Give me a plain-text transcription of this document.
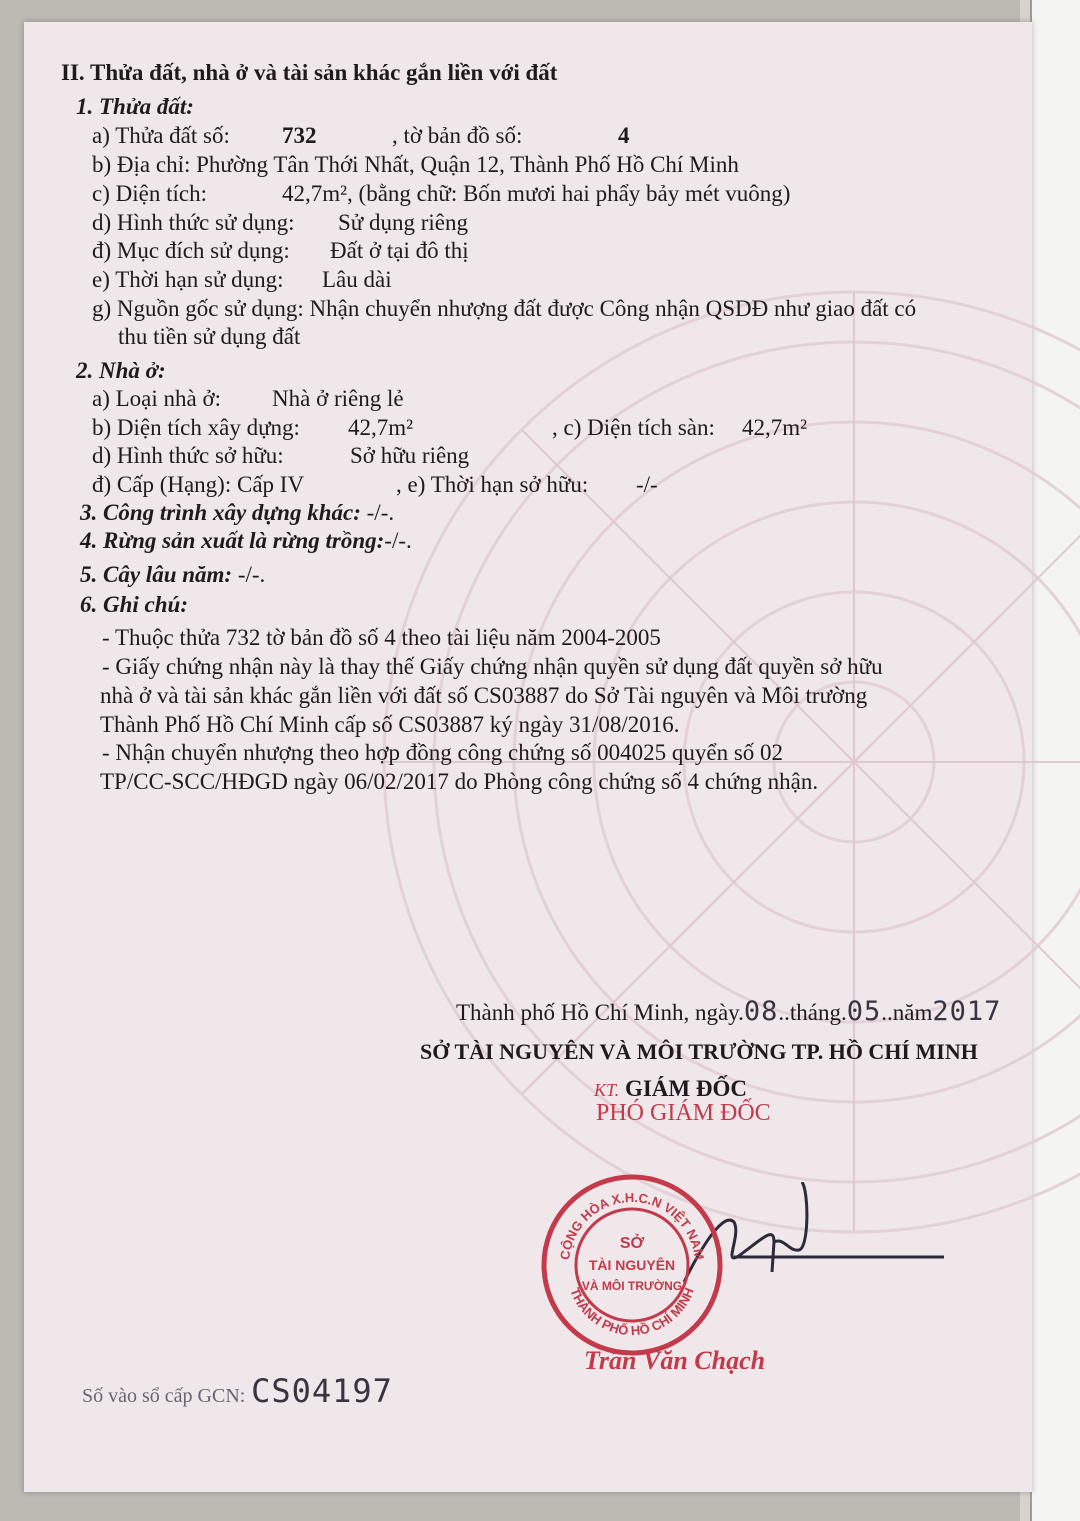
II. Thửa đất, nhà ở và tài sản khác gắn liền với đất
1. Thửa đất:
a) Thửa đất số: 732	, tờ bản đồ số:	4
b) Địa chỉ: Phường Tân Thới Nhất, Quận 12, Thành Phố Hồ Chí Minh
c) Diện tích:	42,7m², (bằng chữ: Bốn mươi hai phẩy bảy mét vuông)
d) Hình thức sử dụng: Sử dụng riêng
đ) Mục đích sử dụng: Đất ở tại đô thị
e) Thời hạn sử dụng: Lâu dài
g) Nguồn gốc sử dụng: Nhận chuyển nhượng đất được Công nhận QSDĐ như giao đất có
thu tiền sử dụng đất
2. Nhà ở:
a) Loại nhà ở: Nhà ở riêng lẻ
b) Diện tích xây dựng: 42,7m²	, c) Diện tích sàn: 42,7m²
d) Hình thức sở hữu:	Sở hữu riêng
đ) Cấp (Hạng): Cấp IV	, e) Thời hạn sở hữu: -/-
3. Công trình xây dựng khác: -/-.
4. Rừng sản xuất là rừng trồng:-/-.
5. Cây lâu năm: -/-.
6. Ghi chú:
- Thuộc thửa 732 tờ bản đồ số 4 theo tài liệu năm 2004-2005
- Giấy chứng nhận này là thay thế Giấy chứng nhận quyền sử dụng đất quyền sở hữu
nhà ở và tài sản khác gắn liền với đất số CS03887 do Sở Tài nguyên và Môi trường
Thành Phố Hồ Chí Minh cấp số CS03887 ký ngày 31/08/2016.
- Nhận chuyển nhượng theo hợp đồng công chứng số 004025 quyển số 02
TP/CC-SCC/HĐGD ngày 06/02/2017 do Phòng công chứng số 4 chứng nhận.
Thành phố Hồ Chí Minh, ngày.08..tháng.05..năm2017
SỞ TÀI NGUYÊN VÀ MÔI TRƯỜNG TP. HỒ CHÍ MINH
KT. GIÁM ĐỐC
PHÓ GIÁM ĐỐC
CỘNG HÒA X.H.C.N VIỆT NAM
THÀNH PHỐ HỒ CHÍ MINH
SỞ
TÀI NGUYÊN
VÀ MÔI TRƯỜNG
Trần Văn Chạch
Số vào sổ cấp GCN: CS04197
